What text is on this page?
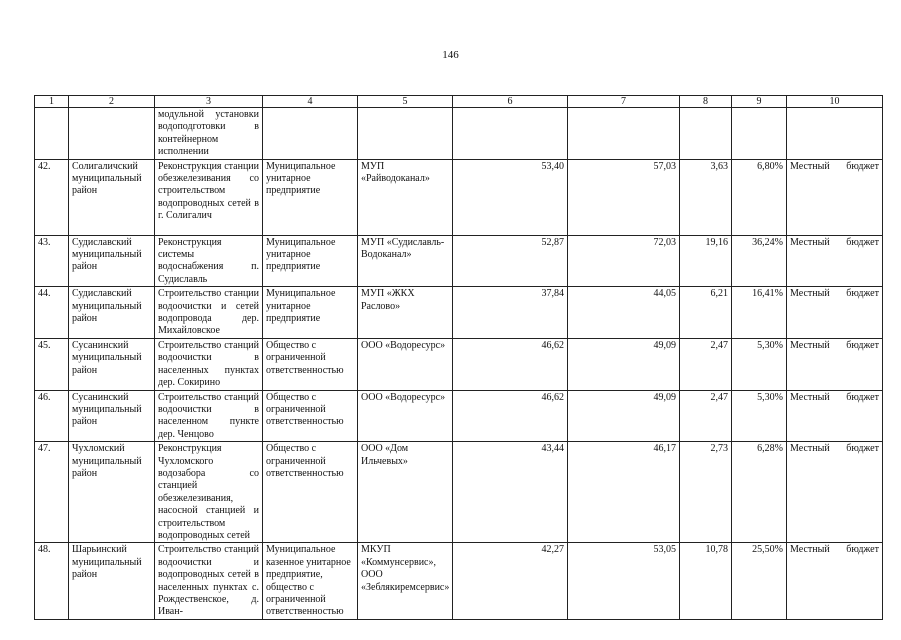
146
1	2	3	4	5	6	7	8	9	10
		модульной установки водоподготовки в контейнерном исполнении							

42.	Солигаличский муниципальный район	Реконструкция станции обезжелезивания со строительством водопроводных сетей в г. Солигалич	Муниципальное унитарное предприятие	МУП «Райводоканал»	53,40	57,03	3,63	6,80%	Местный бюджет

43.	Судиславский муниципальный район	Реконструкция системы водоснабжения п. Судиславль	Муниципальное унитарное предприятие	МУП «Судиславль-Водоканал»	52,87	72,03	19,16	36,24%	Местный бюджет

44.	Судиславский муниципальный район	Строительство станции водоочистки и сетей водопровода дер. Михайловское	Муниципальное унитарное предприятие	МУП «ЖКХ Расловo»	37,84	44,05	6,21	16,41%	Местный бюджет

45.	Сусанинский муниципальный район	Строительство станций водоочистки в населенных пунктах дер. Сокирино	Общество с ограниченной ответственностью	ООО «Водоресурс»	46,62	49,09	2,47	5,30%	Местный бюджет

46.	Сусанинский муниципальный район	Строительство станций водоочистки в населенном пункте дер. Ченцово	Общество с ограниченной ответственностью	ООО «Водоресурс»	46,62	49,09	2,47	5,30%	Местный бюджет

47.	Чухломский муниципальный район	Реконструкция Чухломского водозабора со станцией обезжелезивания, насосной станцией и строительством водопроводных сетей	Общество с ограниченной ответственностью	ООО «Дом Ильчевых»	43,44	46,17	2,73	6,28%	Местный бюджет

48.	Шарьинский муниципальный район	Строительство станций водоочистки и водопроводных сетей в населенных пунктах с. Рождественское, д. Иван-	Муниципальное казенное унитарное предприятие, общество с ограниченной ответственностью	МКУП «Коммунсервис», ООО «Зеблякиремсервис»	42,27	53,05	10,78	25,50%	Местный бюджет
